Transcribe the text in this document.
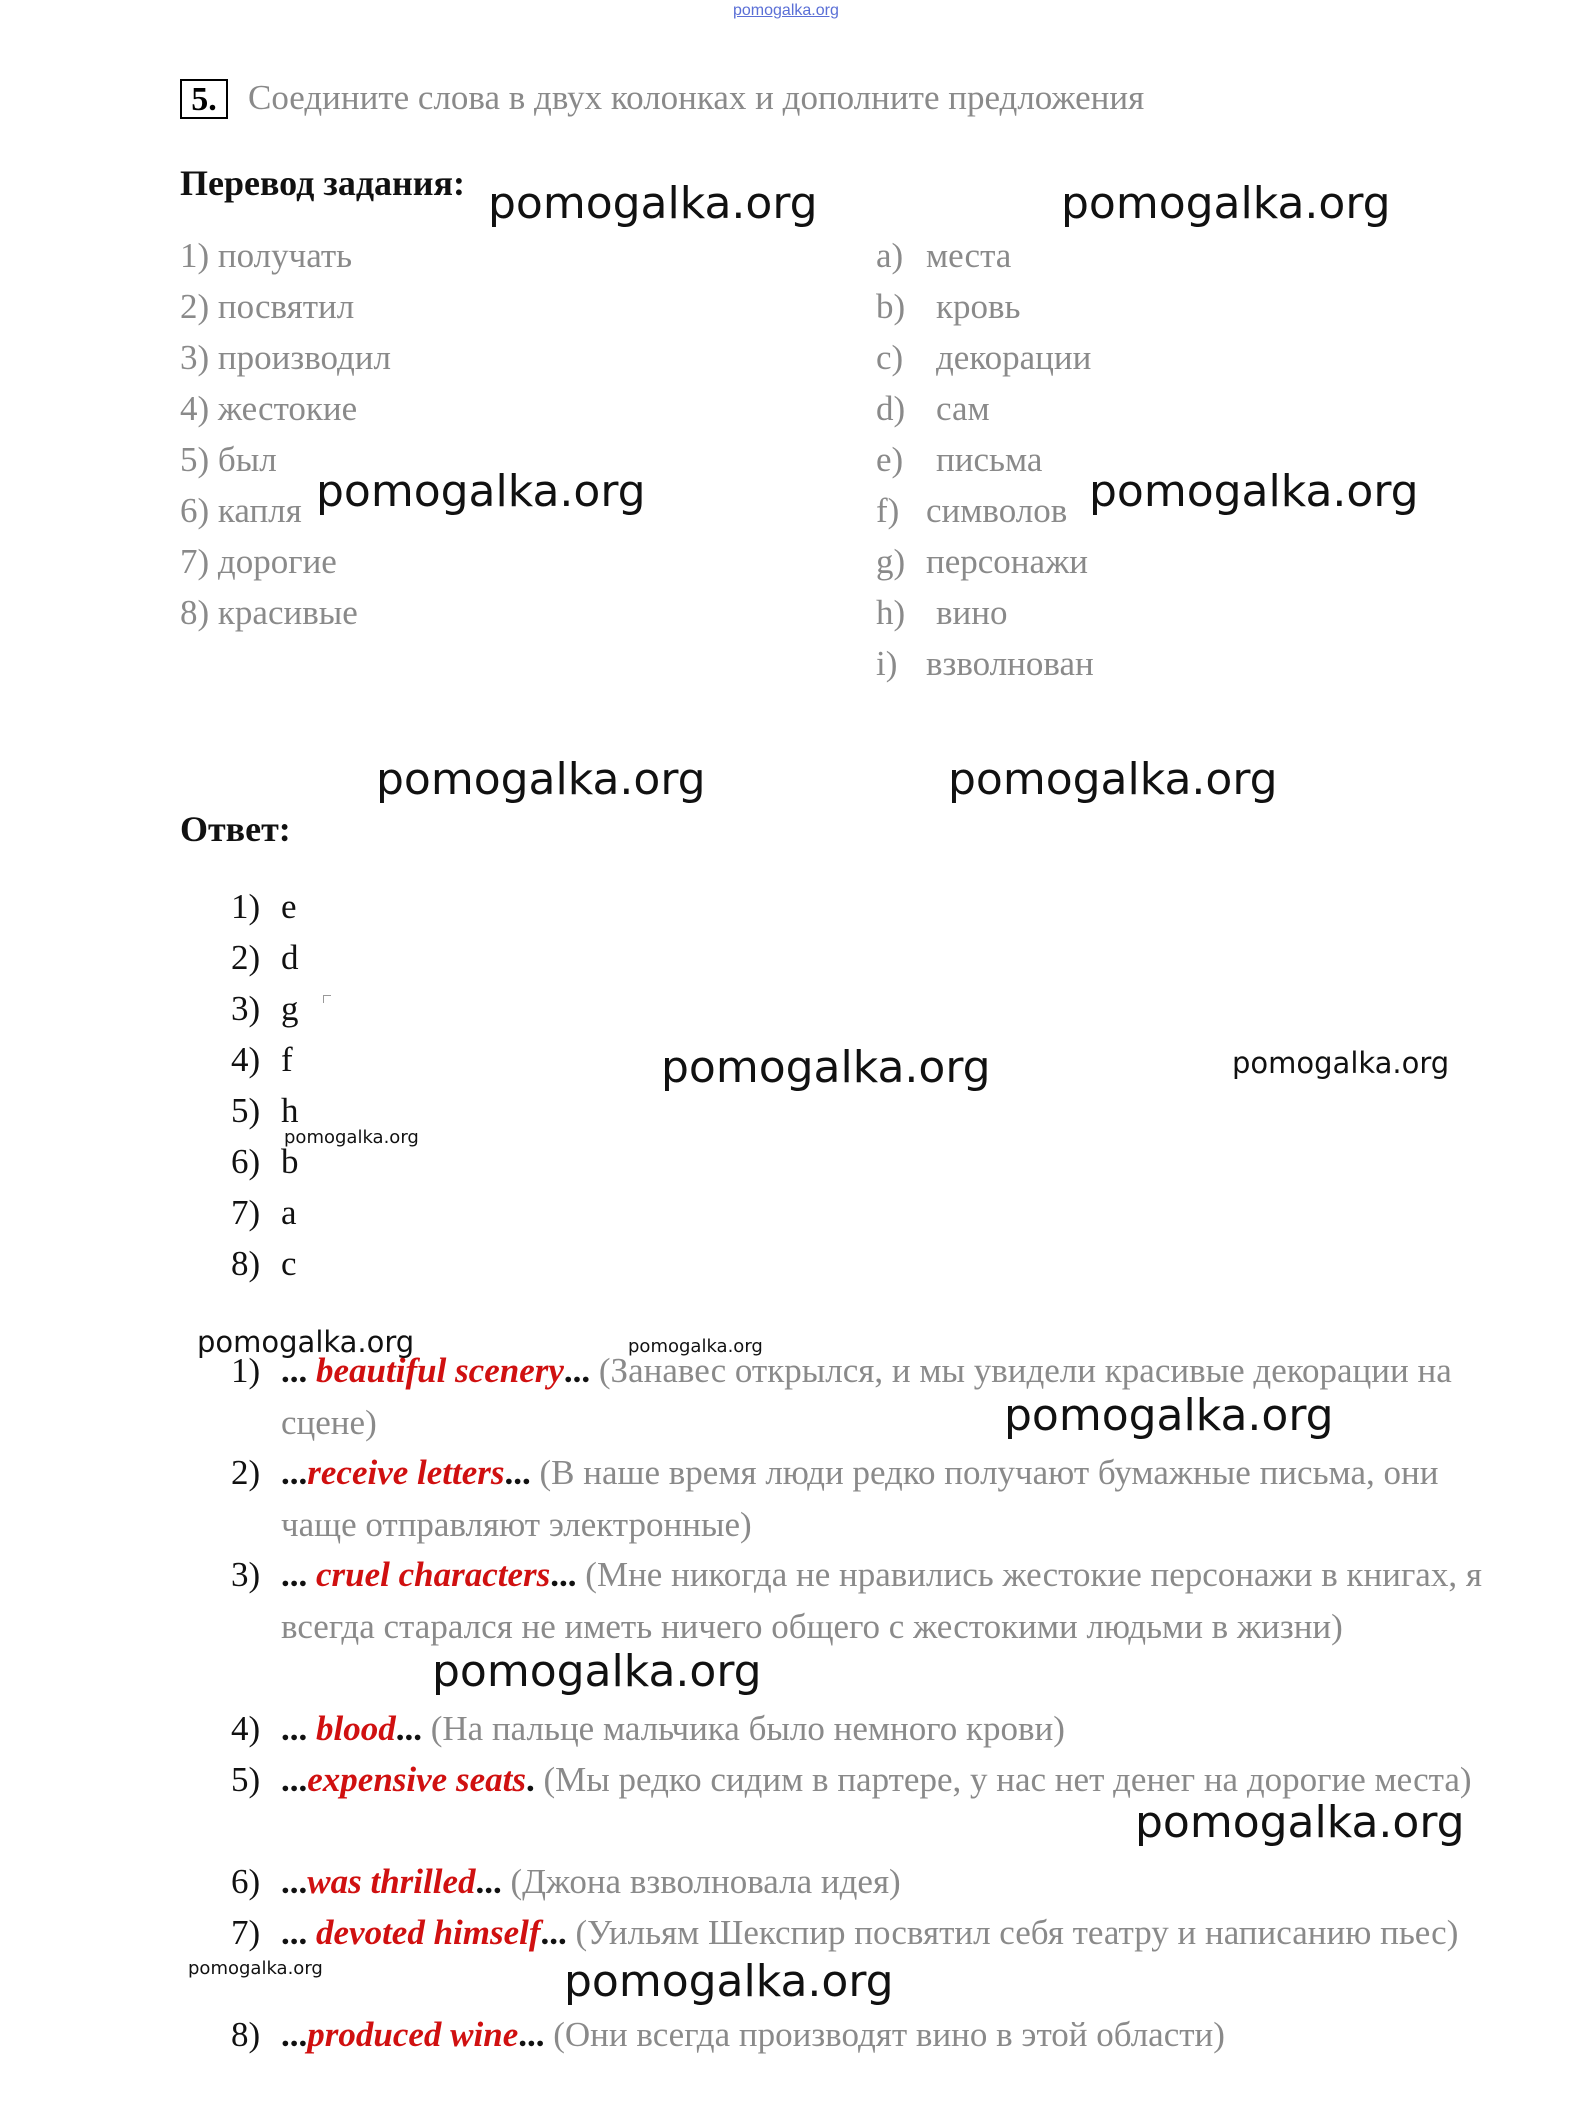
pomogalka.org
5. Соедините слова в двух колонках и дополните предложения
Перевод задания:
1) получать
2) посвятил
3) производил
4) жестокие
5) был
6) капля
7) дорогие
8) красивые
a) места
b) кровь
c) декорации
d) сам
e) письма
f) символов
g) персонажи
h) вино
i) взволнован
Ответ:
1) e
2) d
3) g
4) f
5) h
6) b
7) a
8) c
1) ... beautiful scenery... (Занавес открылся, и мы увидели красивые декорации на сцене)
2) ...receive letters... (В наше время люди редко получают бумажные письма, они чаще отправляют электронные)
3) ... cruel characters... (Мне никогда не нравились жестокие персонажи в книгах, я всегда старался не иметь ничего общего с жестокими людьми в жизни)
4) ... blood... (На пальце мальчика было немного крови)
5) ...expensive seats. (Мы редко сидим в партере, у нас нет денег на дорогие места)
6) ...was thrilled... (Джона взволновала идея)
7) ... devoted himself... (Уильям Шекспир посвятил себя театру и написанию пьес)
8) ...produced wine... (Они всегда производят вино в этой области)
pomogalka.org	pomogalka.org
pomogalka.org	pomogalka.org
pomogalka.org	pomogalka.org
pomogalka.org	pomogalka.org
pomogalka.org
pomogalka.org	pomogalka.org
pomogalka.org
pomogalka.org
pomogalka.org
pomogalka.org	pomogalka.org
